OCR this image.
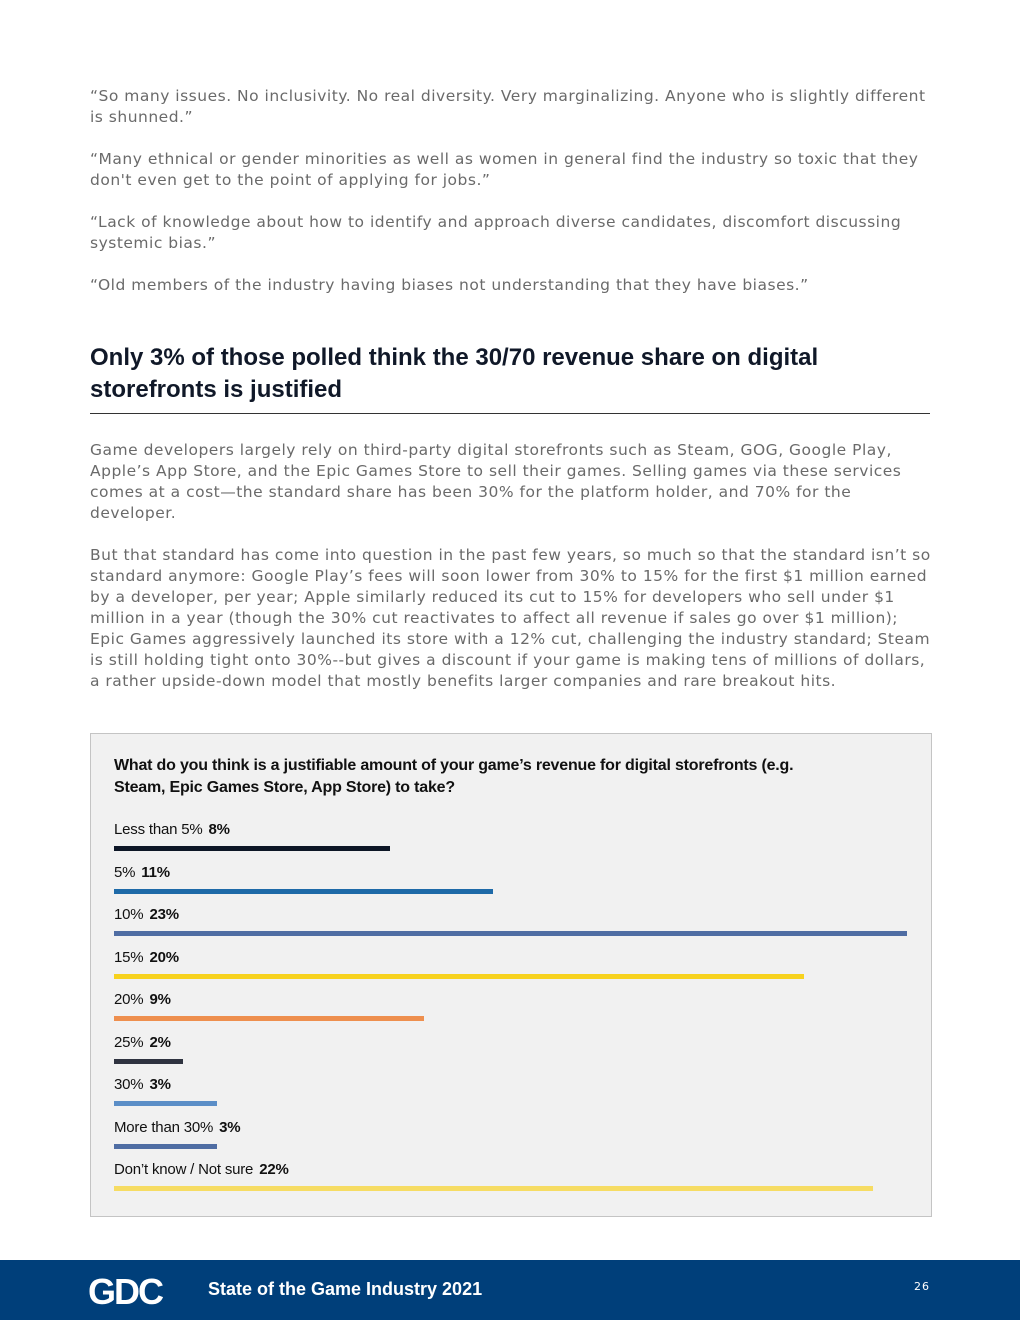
“So many issues. No inclusivity. No real diversity. Very marginalizing. Anyone who is slightly different is shunned.”

“Many ethnical or gender minorities as well as women in general find the industry so toxic that they don't even get to the point of applying for jobs.”

“Lack of knowledge about how to identify and approach diverse candidates, discomfort discussing systemic bias.”

“Old members of the industry having biases not understanding that they have biases.”

Only 3% of those polled think the 30/70 revenue share on digital storefronts is justified

Game developers largely rely on third-party digital storefronts such as Steam, GOG, Google Play, Apple’s App Store, and the Epic Games Store to sell their games. Selling games via these services comes at a cost—the standard share has been 30% for the platform holder, and 70% for the developer.

But that standard has come into question in the past few years, so much so that the standard isn’t so standard anymore: Google Play’s fees will soon lower from 30% to 15% for the first $1 million earned by a developer, per year; Apple similarly reduced its cut to 15% for developers who sell under $1 million in a year (though the 30% cut reactivates to affect all revenue if sales go over $1 million); Epic Games aggressively launched its store with a 12% cut, challenging the industry standard; Steam is still holding tight onto 30%--but gives a discount if your game is making tens of millions of dollars, a rather upside-down model that mostly benefits larger companies and rare breakout hits.

What do you think is a justifiable amount of your game’s revenue for digital storefronts (e.g. Steam, Epic Games Store, App Store) to take?
Less than 5% 8%
5% 11%
10% 23%
15% 20%
20% 9%
25% 2%
30% 3%
More than 30% 3%
Don’t know / Not sure 22%
GDC	State of the Game Industry 2021	26
